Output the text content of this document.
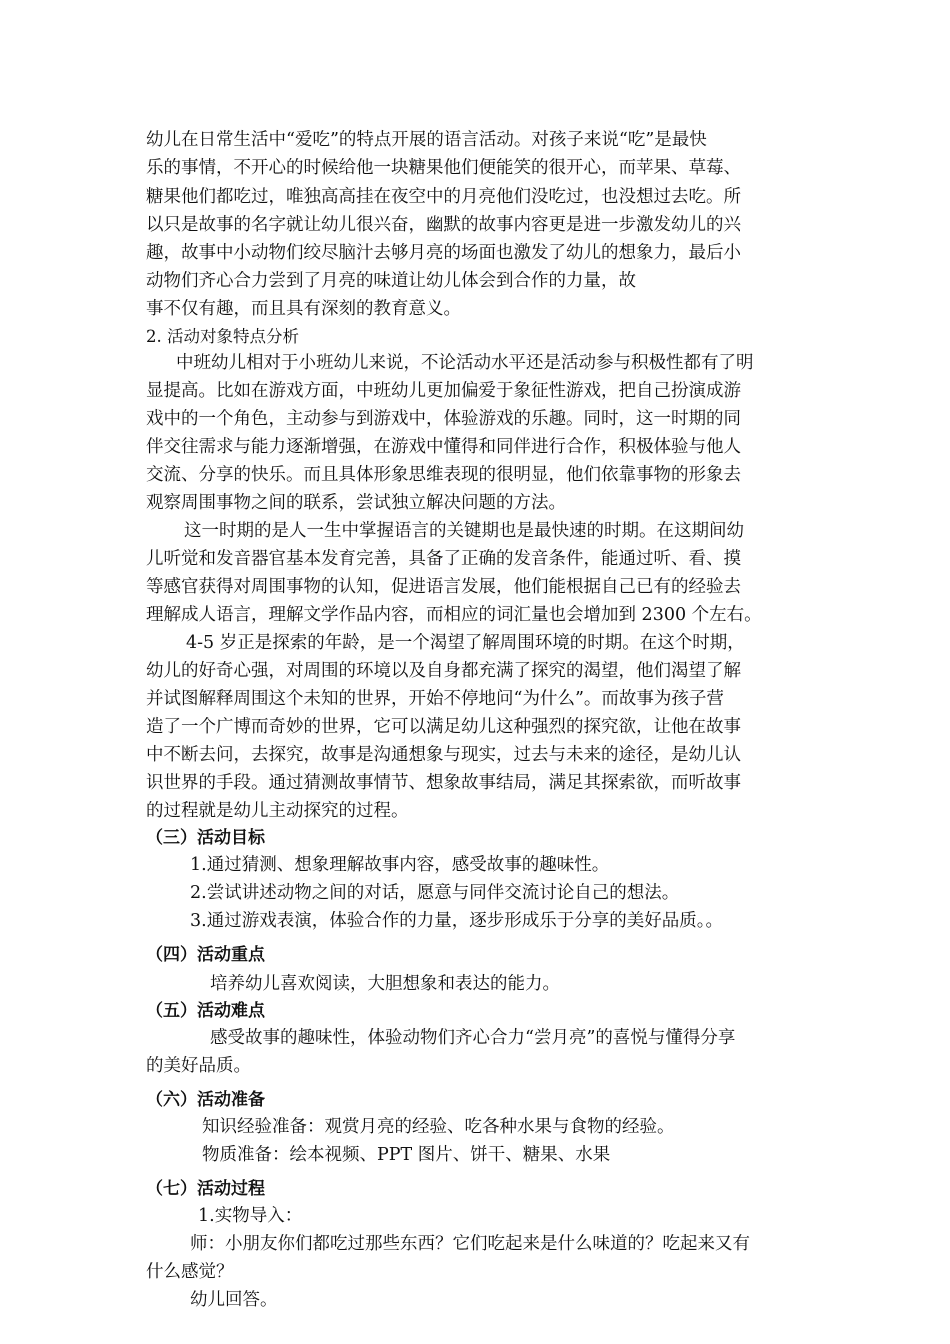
幼儿在日常生活中“爱吃”的特点开展的语言活动。对孩子来说“吃”是最快
乐的事情，不开心的时候给他一块糖果他们便能笑的很开心，而苹果、草莓、
糖果他们都吃过，唯独高高挂在夜空中的月亮他们没吃过，也没想过去吃。所
以只是故事的名字就让幼儿很兴奋，幽默的故事内容更是进一步激发幼儿的兴
趣，故事中小动物们绞尽脑汁去够月亮的场面也激发了幼儿的想象力，最后小
动物们齐心合力尝到了月亮的味道让幼儿体会到合作的力量，故
事不仅有趣，而且具有深刻的教育意义。
2. 活动对象特点分析
中班幼儿相对于小班幼儿来说，不论活动水平还是活动参与积极性都有了明
显提高。比如在游戏方面，中班幼儿更加偏爱于象征性游戏，把自己扮演成游
戏中的一个角色，主动参与到游戏中，体验游戏的乐趣。同时，这一时期的同
伴交往需求与能力逐渐增强，在游戏中懂得和同伴进行合作，积极体验与他人
交流、分享的快乐。而且具体形象思维表现的很明显，他们依靠事物的形象去
观察周围事物之间的联系，尝试独立解决问题的方法。
这一时期的是人一生中掌握语言的关键期也是最快速的时期。在这期间幼
儿听觉和发音器官基本发育完善，具备了正确的发音条件，能通过听、看、摸
等感官获得对周围事物的认知，促进语言发展，他们能根据自己已有的经验去
理解成人语言，理解文学作品内容，而相应的词汇量也会增加到 2300 个左右。
4-5 岁正是探索的年龄，是一个渴望了解周围环境的时期。在这个时期，
幼儿的好奇心强，对周围的环境以及自身都充满了探究的渴望，他们渴望了解
并试图解释周围这个未知的世界，开始不停地问“为什么”。而故事为孩子营
造了一个广博而奇妙的世界，它可以满足幼儿这种强烈的探究欲，让他在故事
中不断去问，去探究，故事是沟通想象与现实，过去与未来的途径，是幼儿认
识世界的手段。通过猜测故事情节、想象故事结局，满足其探索欲，而听故事
的过程就是幼儿主动探究的过程。
（三）活动目标
1.通过猜测、想象理解故事内容，感受故事的趣味性。
2.尝试讲述动物之间的对话，愿意与同伴交流讨论自己的想法。
3.通过游戏表演，体验合作的力量，逐步形成乐于分享的美好品质。。
（四）活动重点
培养幼儿喜欢阅读，大胆想象和表达的能力。
（五）活动难点
感受故事的趣味性，体验动物们齐心合力“尝月亮”的喜悦与懂得分享
的美好品质。
（六）活动准备
知识经验准备：观赏月亮的经验、吃各种水果与食物的经验。
物质准备：绘本视频、PPT 图片、饼干、糖果、水果
（七）活动过程
1.实物导入：
师：小朋友你们都吃过那些东西？它们吃起来是什么味道的？吃起来又有
什么感觉？
幼儿回答。
